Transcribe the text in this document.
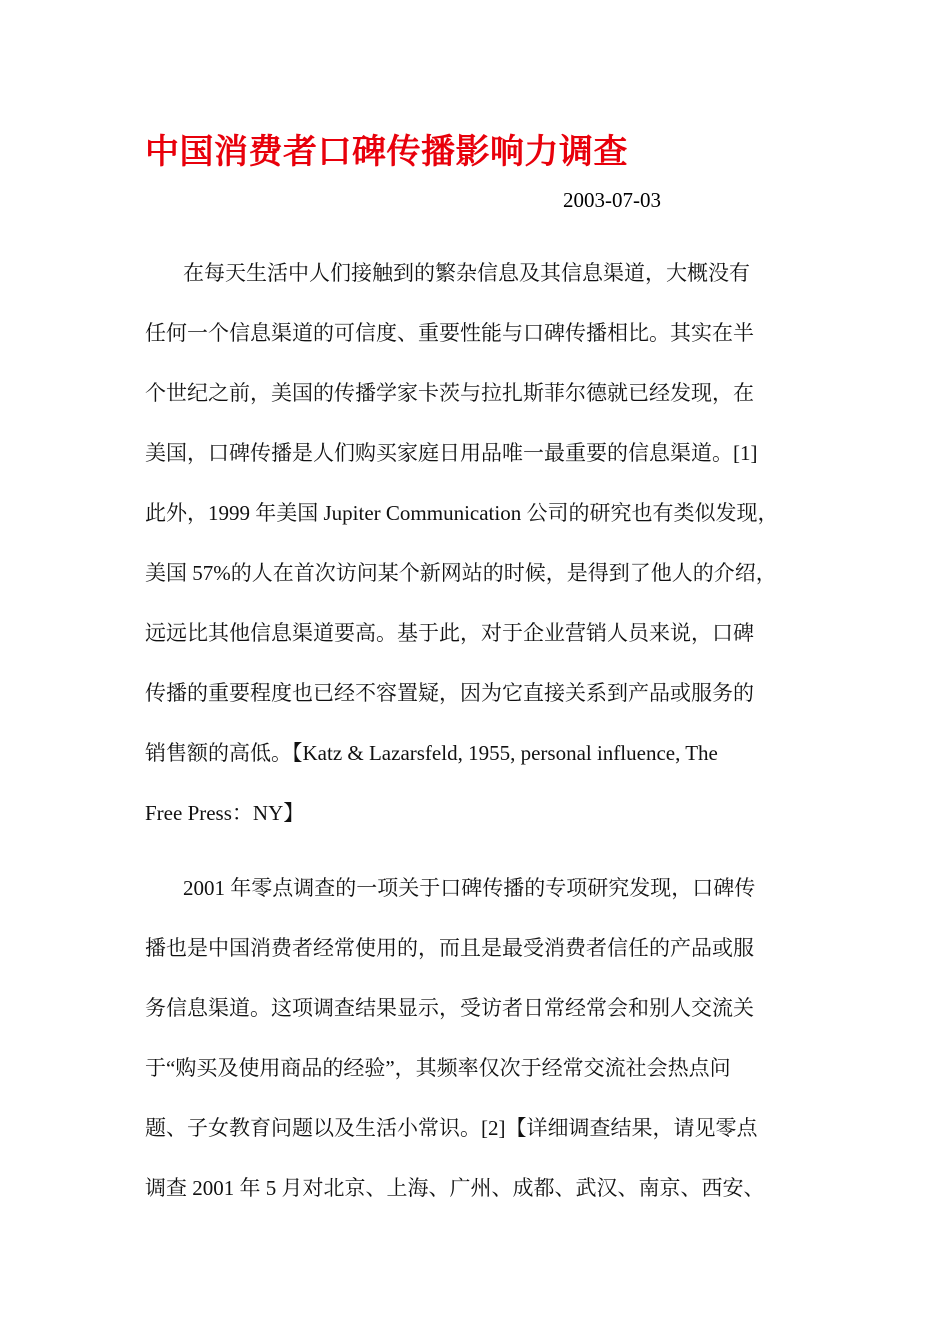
中国消费者口碑传播影响力调查
2003-07-03
在每天生活中人们接触到的繁杂信息及其信息渠道，大概没有
任何一个信息渠道的可信度、重要性能与口碑传播相比。其实在半
个世纪之前，美国的传播学家卡茨与拉扎斯菲尔德就已经发现，在
美国，口碑传播是人们购买家庭日用品唯一最重要的信息渠道。[1]
此外，1999 年美国 Jupiter Communication 公司的研究也有类似发现，
美国 57%的人在首次访问某个新网站的时候，是得到了他人的介绍，
远远比其他信息渠道要高。基于此，对于企业营销人员来说，口碑
传播的重要程度也已经不容置疑，因为它直接关系到产品或服务的
销售额的高低。【Katz & Lazarsfeld, 1955, personal influence, The
Free Press：NY】
2001 年零点调查的一项关于口碑传播的专项研究发现，口碑传
播也是中国消费者经常使用的，而且是最受消费者信任的产品或服
务信息渠道。这项调查结果显示，受访者日常经常会和别人交流关
于“购买及使用商品的经验”，其频率仅次于经常交流社会热点问
题、子女教育问题以及生活小常识。[2]【详细调查结果，请见零点
调查 2001 年 5 月对北京、上海、广州、成都、武汉、南京、西安、
